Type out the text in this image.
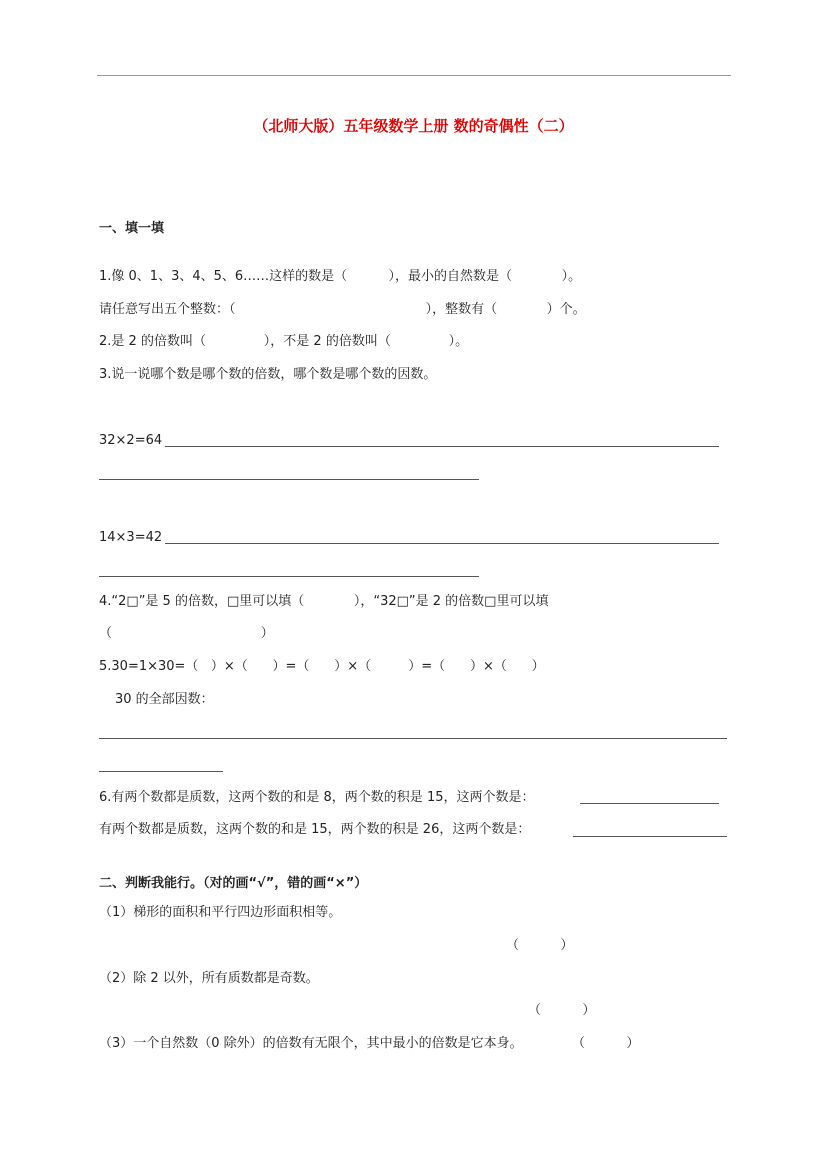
（北师大版）五年级数学上册 数的奇偶性（二）
一、填一填
1.像 0、1、3、4、5、6……这样的数是（          ），最小的自然数是（            ）。
请任意写出五个整数：（                                              ），整数有（            ）个。
2.是 2 的倍数叫（              ），不是 2 的倍数叫（              ）。
3.说一说哪个数是哪个数的倍数，哪个数是哪个数的因数。
32×2=64
14×3=42
4.“2□”是 5 的倍数，□里可以填（            ），“32□”是 2 的倍数□里可以填
（                                    ）
5.30=1×30=（   ）×（      ）=（      ）×（         ）=（      ）×（      ）
30 的全部因数：
6.有两个数都是质数，这两个数的和是 8，两个数的积是 15，这两个数是：
有两个数都是质数，这两个数的和是 15，两个数的积是 26，这两个数是：
二、判断我能行。（对的画“√”，错的画“×”）
（1）梯形的面积和平行四边形面积相等。
（          ）
（2）除 2 以外，所有质数都是奇数。
（          ）
（3）一个自然数（0 除外）的倍数有无限个，其中最小的倍数是它本身。	（          ）
